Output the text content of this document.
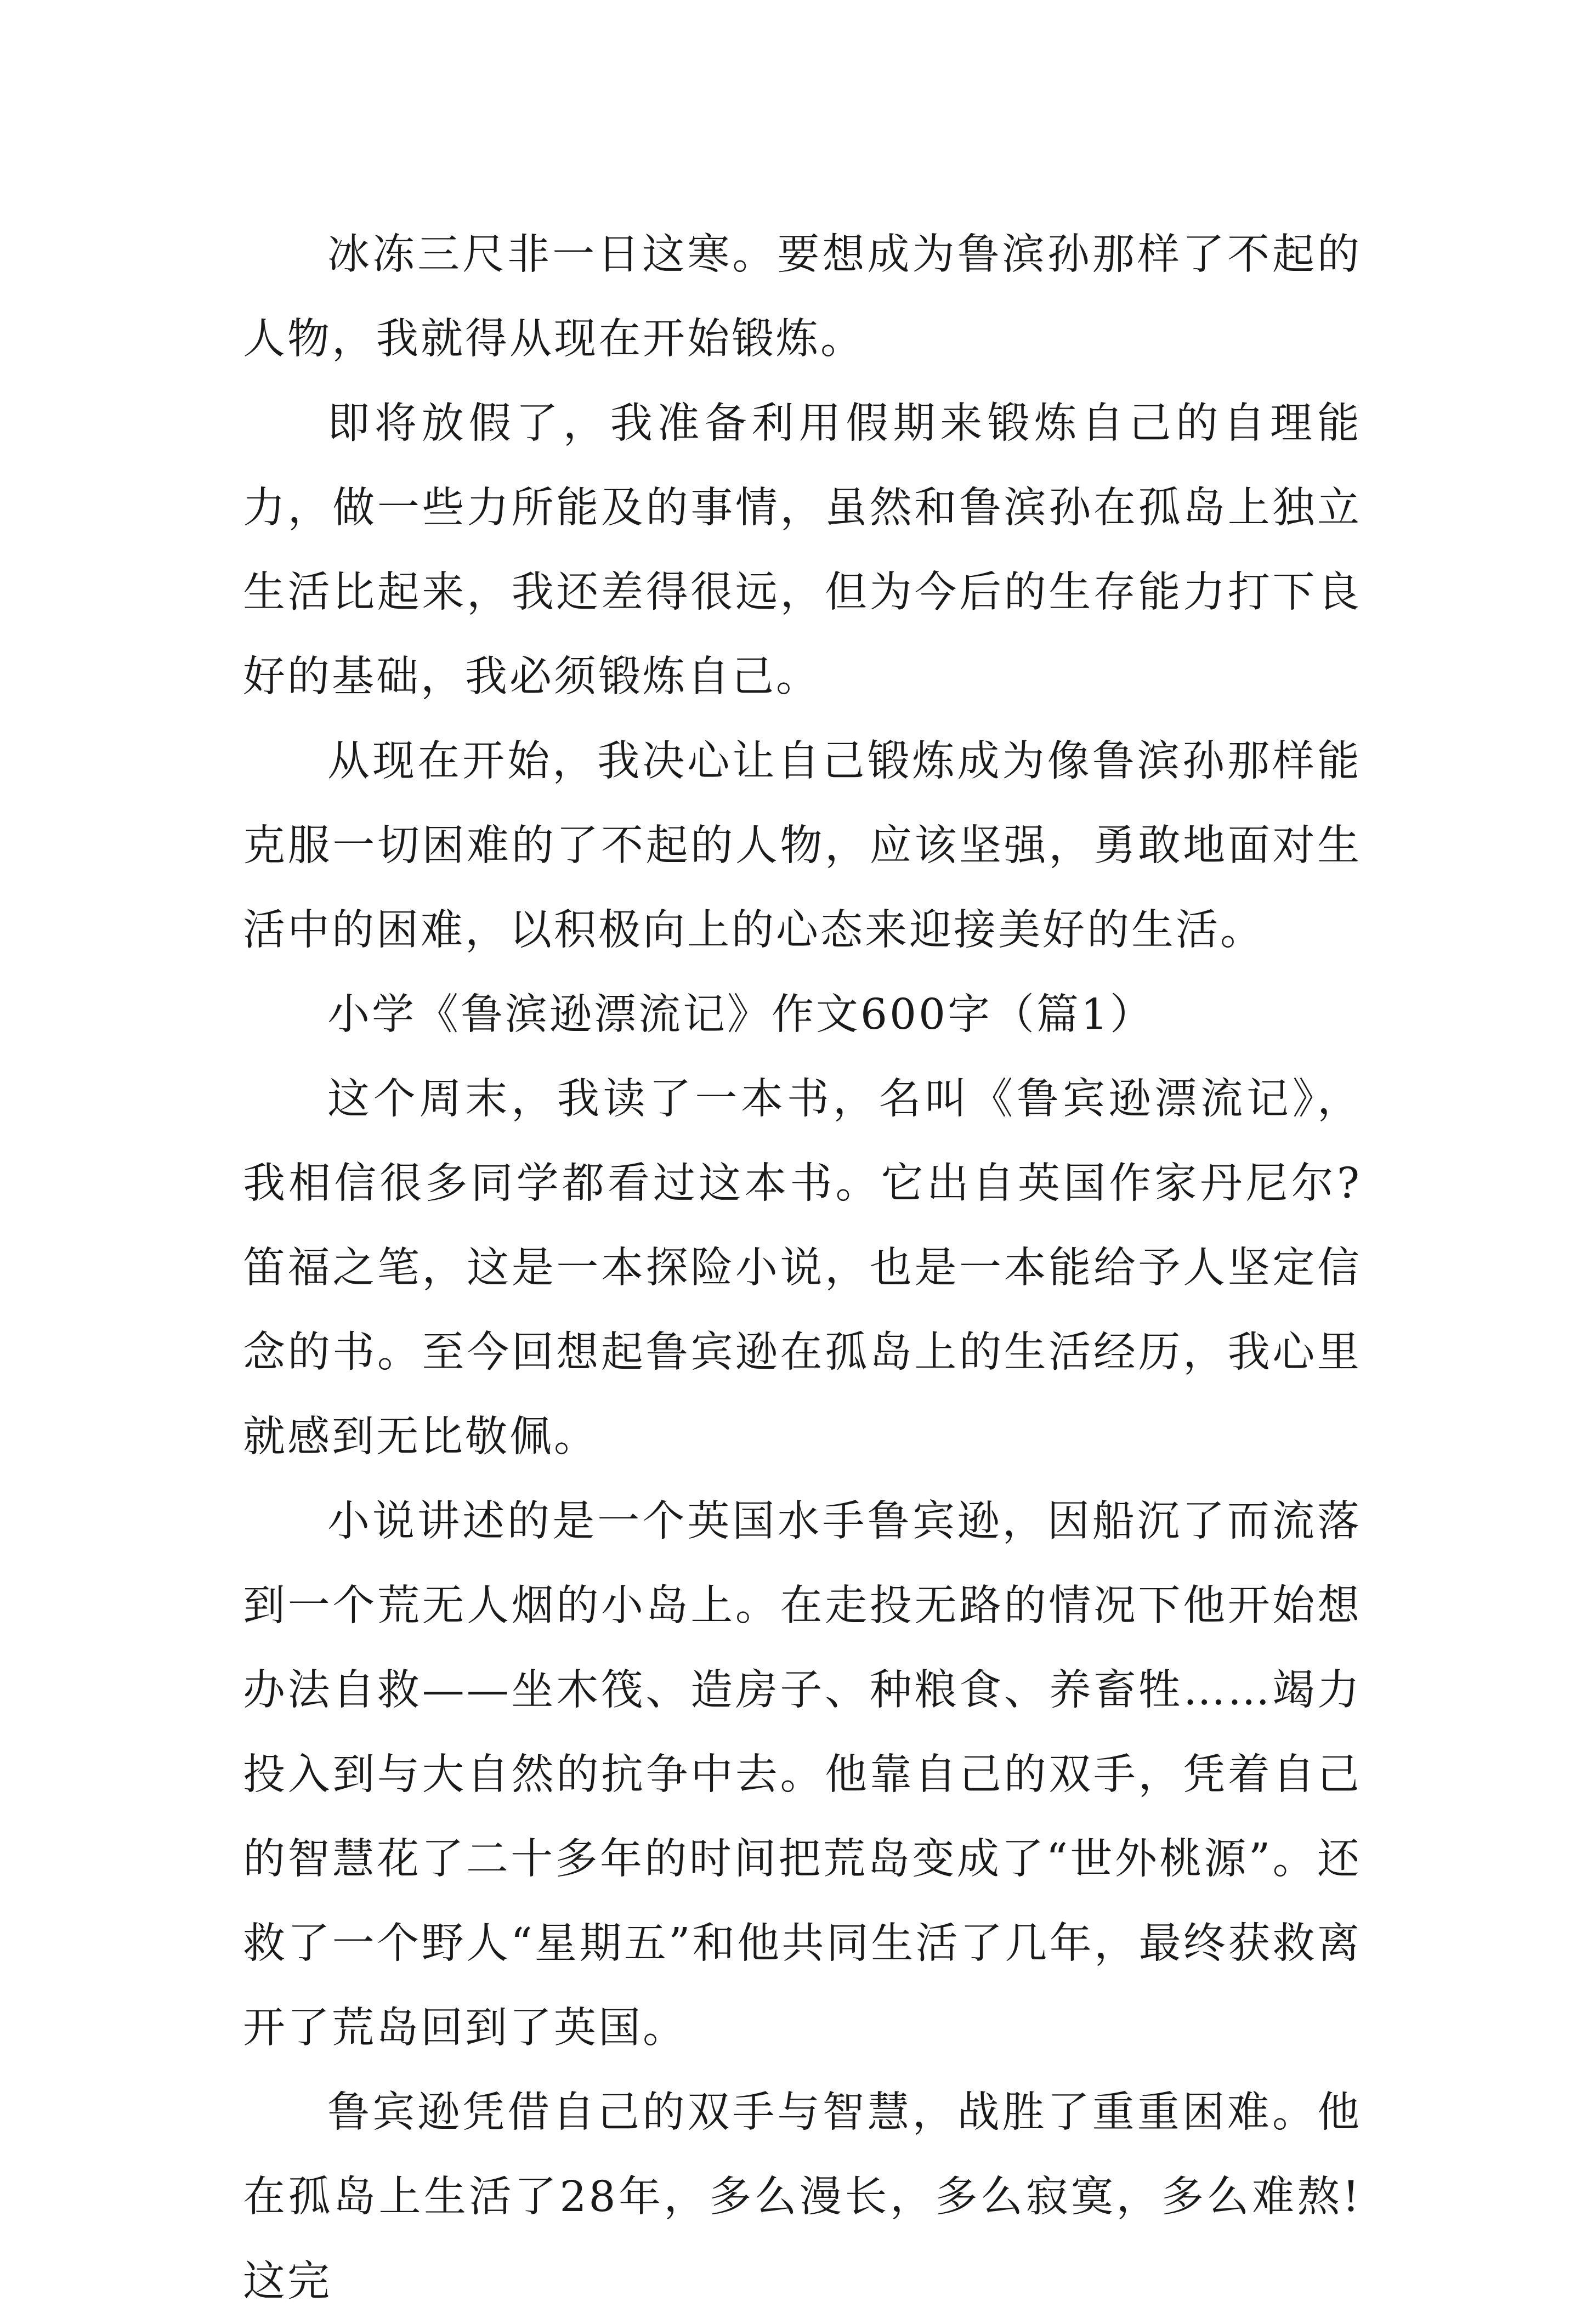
冰冻三尺非一日这寒。要想成为鲁滨孙那样了不起的人物，我就得从现在开始锻炼。

即将放假了，我准备利用假期来锻炼自己的自理能力，做一些力所能及的事情，虽然和鲁滨孙在孤岛上独立生活比起来，我还差得很远，但为今后的生存能力打下良好的基础，我必须锻炼自己。

从现在开始，我决心让自己锻炼成为像鲁滨孙那样能克服一切困难的了不起的人物，应该坚强，勇敢地面对生活中的困难，以积极向上的心态来迎接美好的生活。

小学《鲁滨逊漂流记》作文600字（篇1）

这个周末，我读了一本书，名叫《鲁宾逊漂流记》，我相信很多同学都看过这本书。它出自英国作家丹尼尔?笛福之笔，这是一本探险小说，也是一本能给予人坚定信念的书。至今回想起鲁宾逊在孤岛上的生活经历，我心里就感到无比敬佩。

小说讲述的是一个英国水手鲁宾逊，因船沉了而流落到一个荒无人烟的小岛上。在走投无路的情况下他开始想办法自救——坐木筏、造房子、种粮食、养畜牲……竭力投入到与大自然的抗争中去。他靠自己的双手，凭着自己的智慧花了二十多年的时间把荒岛变成了“世外桃源”。还救了一个野人“星期五”和他共同生活了几年，最终获救离开了荒岛回到了英国。

鲁宾逊凭借自己的双手与智慧，战胜了重重困难。他在孤岛上生活了28年，多么漫长，多么寂寞，多么难熬!这完
